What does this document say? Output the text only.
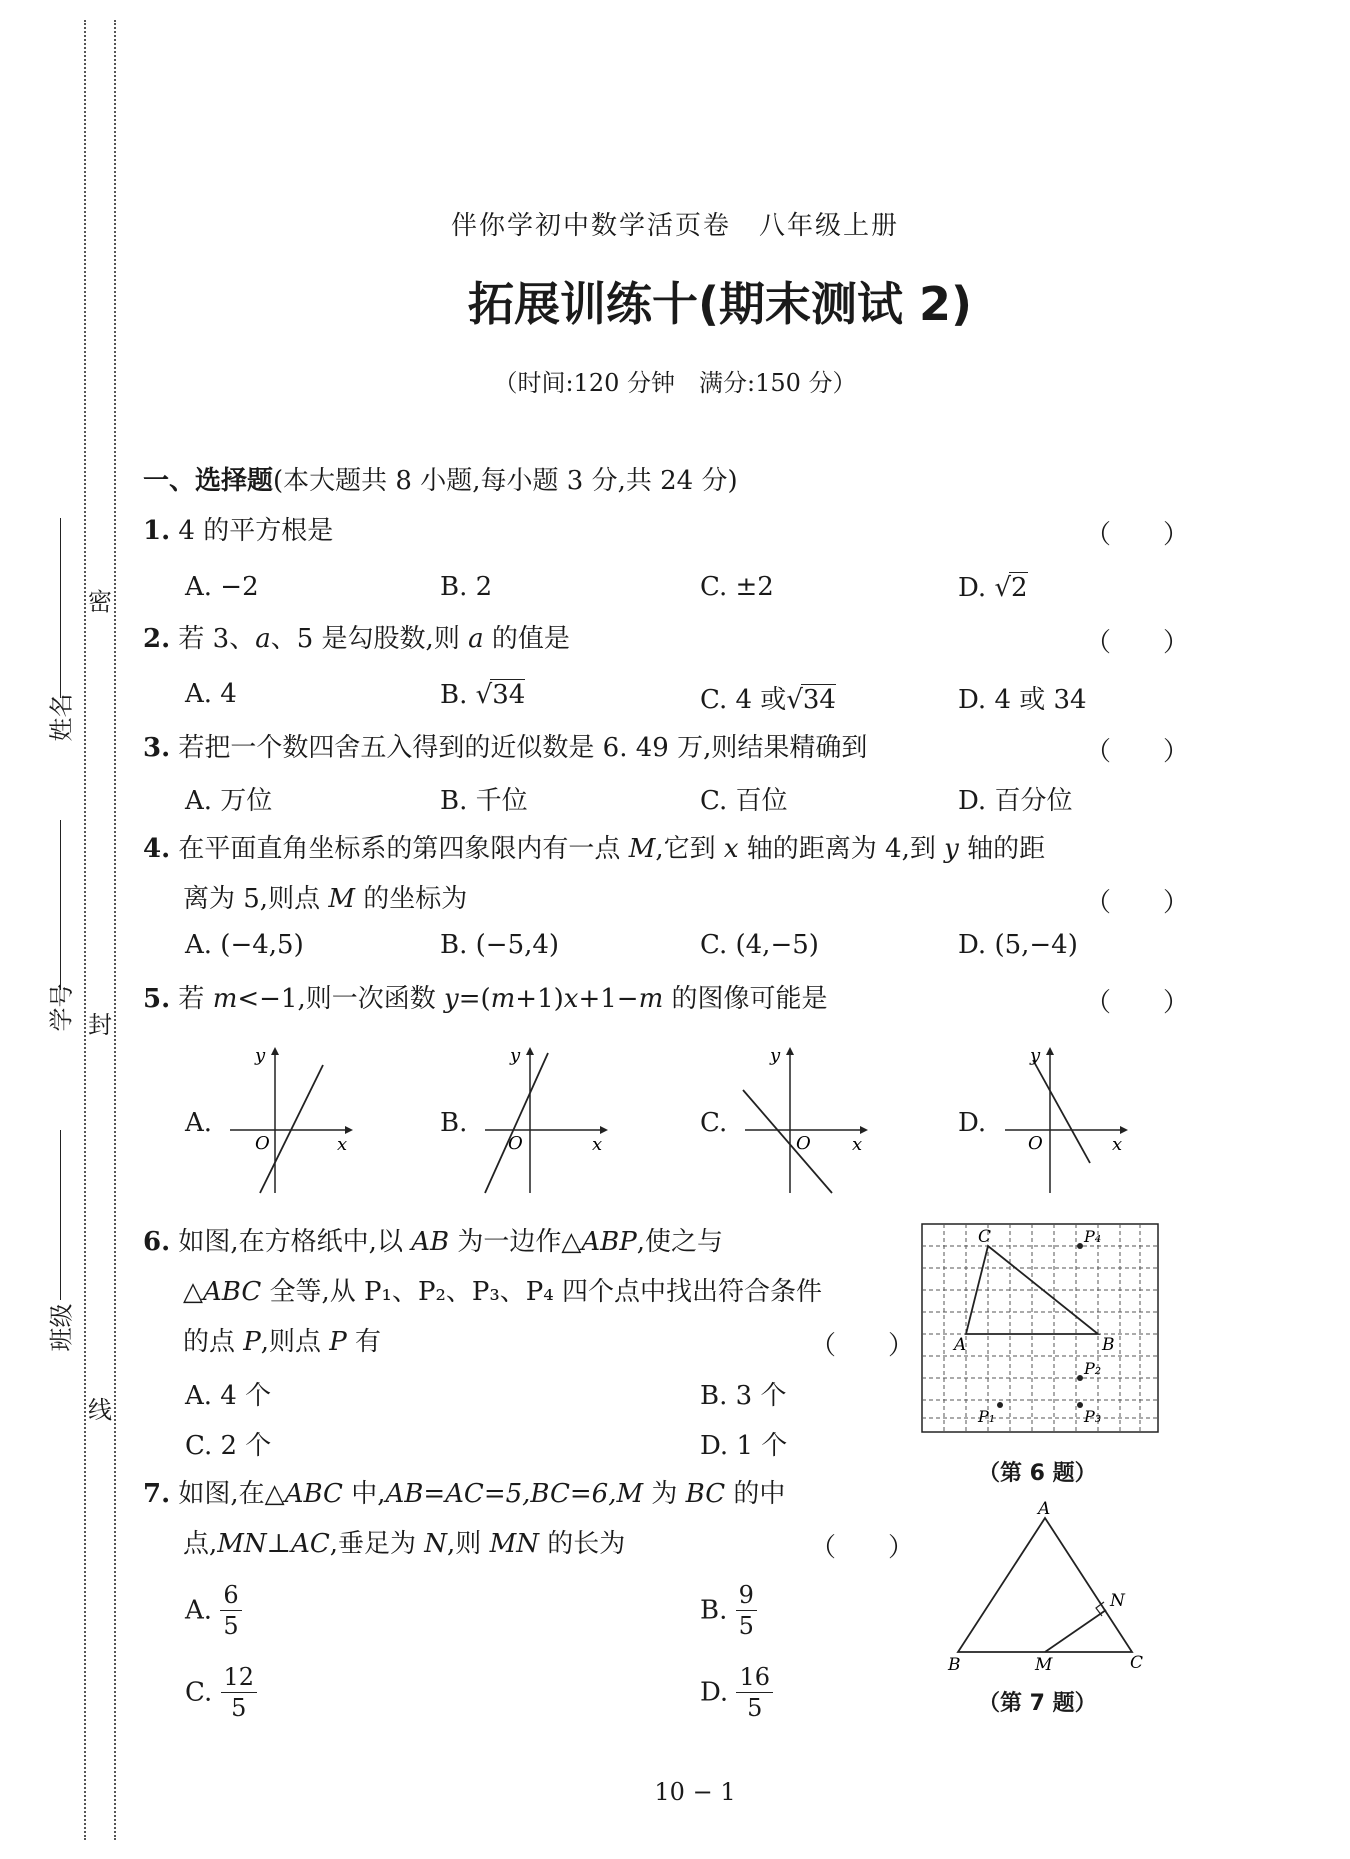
密
封
线
姓名
学号
班级
伴你学初中数学活页卷　八年级上册
拓展训练十(期末测试 2)
（时间:120 分钟　满分:150 分）
一、选择题(本大题共 8 小题,每小题 3 分,共 24 分)
1. 4 的平方根是	（　　）
A. −2	B. 2	C. ±2	D. √2
2. 若 3、a、5 是勾股数,则 a 的值是	（　　）
A. 4	B. √34	C. 4 或√34	D. 4 或 34
3. 若把一个数四舍五入得到的近似数是 6. 49 万,则结果精确到	（　　）
A. 万位	B. 千位	C. 百位	D. 百分位
4. 在平面直角坐标系的第四象限内有一点 M,它到 x 轴的距离为 4,到 y 轴的距
离为 5,则点 M 的坐标为	（　　）
A. (−4,5)	B. (−5,4)	C. (4,−5)	D. (5,−4)
5. 若 m<−1,则一次函数 y=(m+1)x+1−m 的图像可能是	（　　）
A.	B.	C.	D.
y
x
O
y
x
O
y
x
O
y
x
O
6. 如图,在方格纸中,以 AB 为一边作△ABP,使之与
△ABC 全等,从 P₁、P₂、P₃、P₄ 四个点中找出符合条件
的点 P,则点 P 有	（　　）
A. 4 个	B. 3 个
C. 2 个	D. 1 个
A	B
C
P₁
P₂
P₃
P₄
（第 6 题）
7. 如图,在△ABC 中,AB=AC=5,BC=6,M 为 BC 的中
点,MN⊥AC,垂足为 N,则 MN 的长为	（　　）
A. $\frac{6}{5}$	B. $\frac{9}{5}$
C. $\frac{12}{5}$	D. $\frac{16}{5}$
A
B	C
M
N
（第 7 题）
10 − 1
